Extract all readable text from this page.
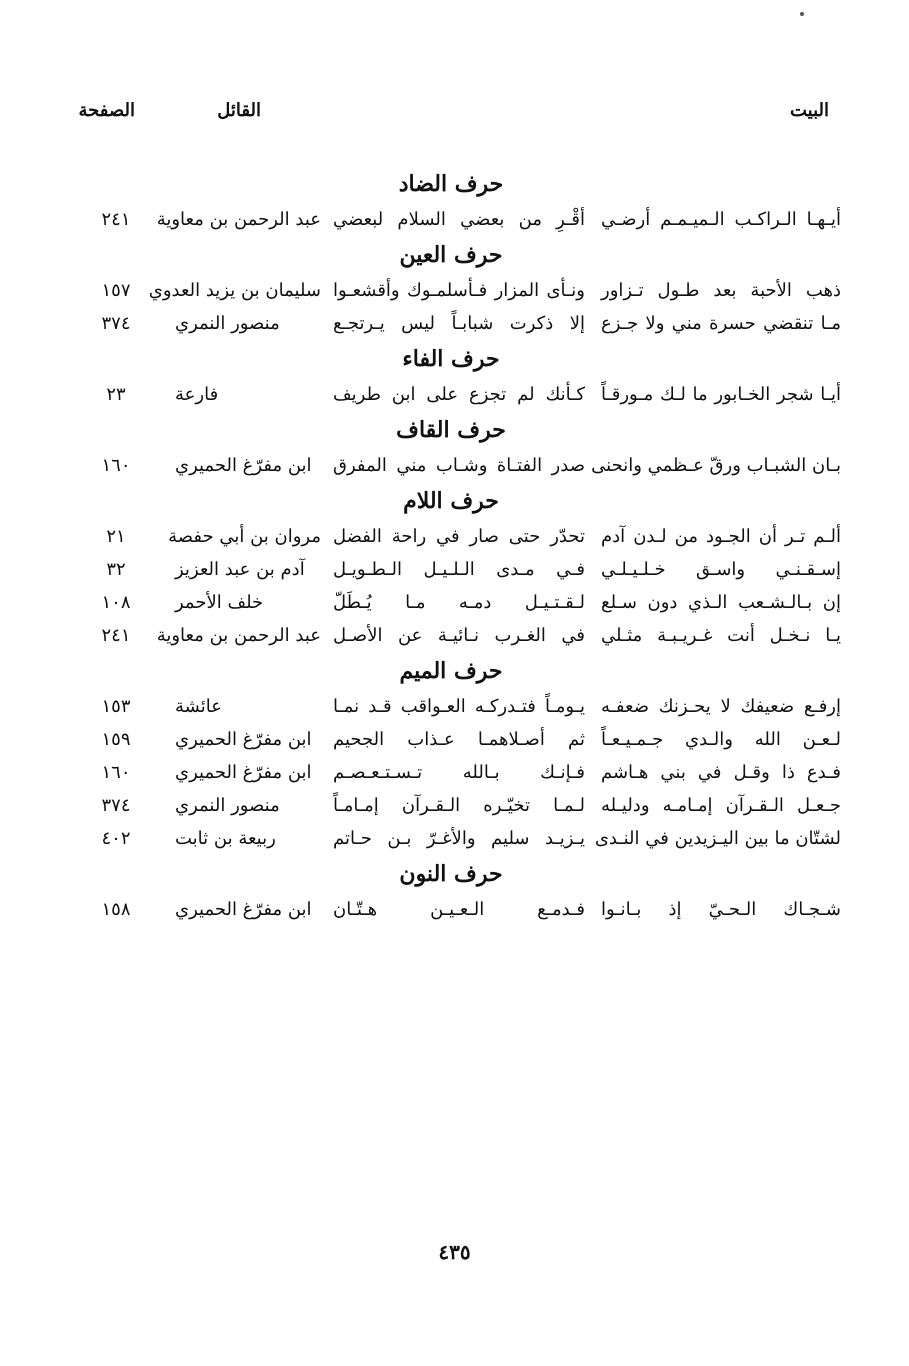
البيت
القائل
الصفحة
حرف الضاد
أيـهـا الـراكـب الـميـمـم أرضـي
أقْـرِ من بعضي السلام لبعضي
عبد الرحمن بن معاوية
٢٤١
حرف العين
ذهب الأحبة بعد طـول تـزاور
ونـأى المزار فـأسلمـوك وأقشعـوا
سليمان بن يزيد العدوي
١٥٧
مـا تنقضي حسرة مني ولا جـزع
إلا ذكرت شبابـاً ليس يـرتجـع
منصور النمري
٣٧٤
حرف الفاء
أيـا شجر الخـابور ما لـك مـورقـاً
كـأنك لم تجزع على ابن طريف
فارعة
٢٣
حرف القاف
بـان الشبـاب ورقّ عـظمي وانحنى
صدر الفتـاة وشـاب مني المفرق
ابن مفرّغ الحميري
١٦٠
حرف اللام
ألـم تـر أن الجـود من لـدن آدم
تحدّر حتى صار في راحة الفضل
مروان بن أبي حفصة
٢١
إسـقـنـي واسـق خـلـيـلـي
فـي مـدى الـلـيـل الـطـويـل
آدم بن عبد العزيز
٣٢
إن بـالـشـعب الـذي دون سـلع
لـقـتـيـل دمـه مـا يُـطَلّ
خلف الأحمر
١٠٨
يـا نـخـل أنت غـريـبـة مثـلي
في الغـرب نـائيـة عن الأصـل
عبد الرحمن بن معاوية
٢٤١
حرف الميم
إرفـع ضعيفك لا يحـزنك ضعفـه
يـومـاً فتـدركـه العـواقب قـد نمـا
عائشة
١٥٣
لـعـن الله والـدي جـمـيـعـاً
ثم أصـلاهمـا عـذاب الجحيم
ابن مفرّغ الحميري
١٥٩
فـدع ذا وقـل في بني هـاشم
فـإنـك بـالله تـسـتـعـصـم
ابن مفرّغ الحميري
١٦٠
جـعـل الـقـرآن إمـامـه ودليـله
لـمـا تخيّـره الـقـرآن إمـامـاً
منصور النمري
٣٧٤
لشتّان ما بين اليـزيدين في النـدى
يـزيـد سليم والأغـرّ بـن حـاتم
ربيعة بن ثابت
٤٠٢
حرف النون
شـجـاك الـحـيّ إذ بـانـوا
فـدمـع الـعـيـن هـتّـان
ابن مفرّغ الحميري
١٥٨
٤٣٥
